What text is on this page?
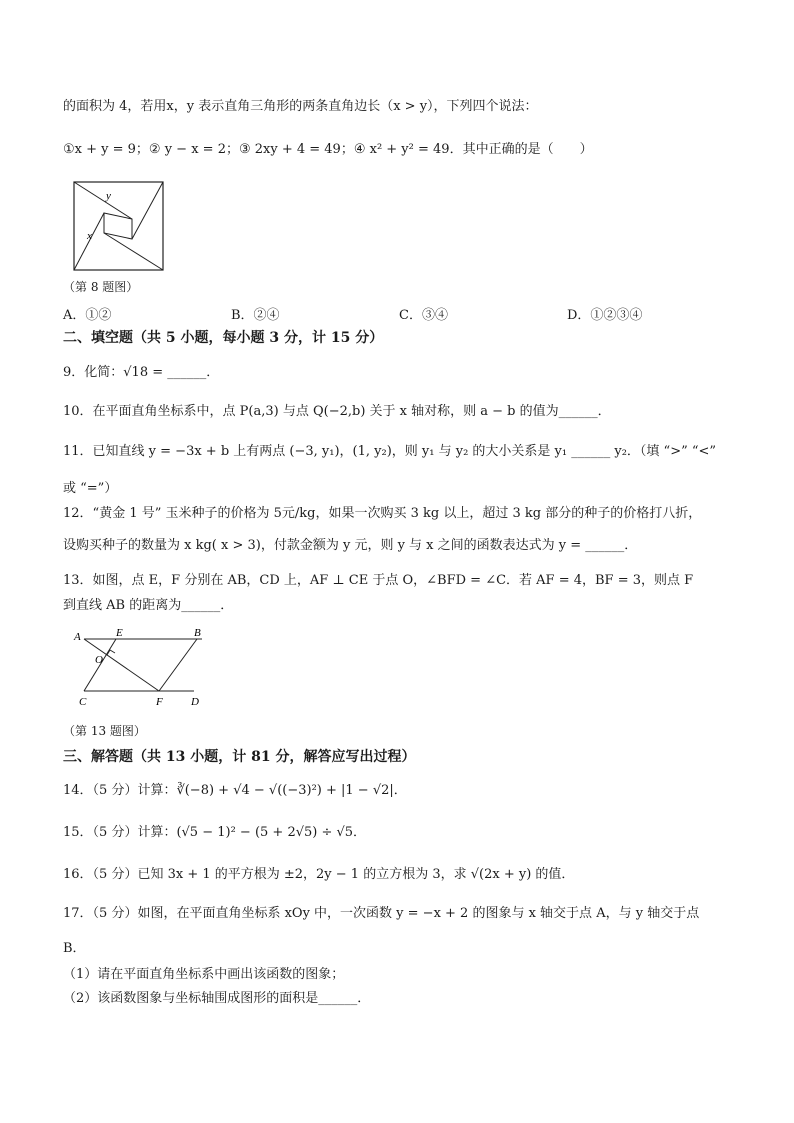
的面积为 4，若用x，y 表示直角三角形的两条直角边长（x > y），下列四个说法：
①x + y = 9；② y − x = 2；③ 2xy + 4 = 49；④ x² + y² = 49．其中正确的是（　　）
y
x
（第 8 题图）
A．①②	B．②④	C．③④	D．①②③④
二、填空题（共 5 小题，每小题 3 分，计 15 分）
9．化简：√18 = ______．
10．在平面直角坐标系中，点 P(a,3) 与点 Q(−2,b) 关于 x 轴对称，则 a − b 的值为______．
11．已知直线 y = −3x + b 上有两点 (−3, y₁)，(1, y₂)，则 y₁ 与 y₂ 的大小关系是 y₁ ______ y₂．（填 “>” “<”
或 “=”）
12．“黄金 1 号” 玉米种子的价格为 5元/kg，如果一次购买 3 kg 以上，超过 3 kg 部分的种子的价格打八折，
设购买种子的数量为 x kg( x > 3)，付款金额为 y 元，则 y 与 x 之间的函数表达式为 y = ______．
13．如图，点 E，F 分别在 AB，CD 上，AF ⊥ CE 于点 O，∠BFD = ∠C．若 AF = 4，BF = 3，则点 F
到直线 AB 的距离为______．
A	E	B
O
C	F	D
（第 13 题图）
三、解答题（共 13 小题，计 81 分，解答应写出过程）
14．（5 分）计算：∛(−8) + √4 − √((−3)²) + |1 − √2|．
15．（5 分）计算：(√5 − 1)² − (5 + 2√5) ÷ √5．
16．（5 分）已知 3x + 1 的平方根为 ±2，2y − 1 的立方根为 3，求 √(2x + y) 的值．
17．（5 分）如图，在平面直角坐标系 xOy 中，一次函数 y = −x + 2 的图象与 x 轴交于点 A，与 y 轴交于点
B．
（1）请在平面直角坐标系中画出该函数的图象；
（2）该函数图象与坐标轴围成图形的面积是______．
